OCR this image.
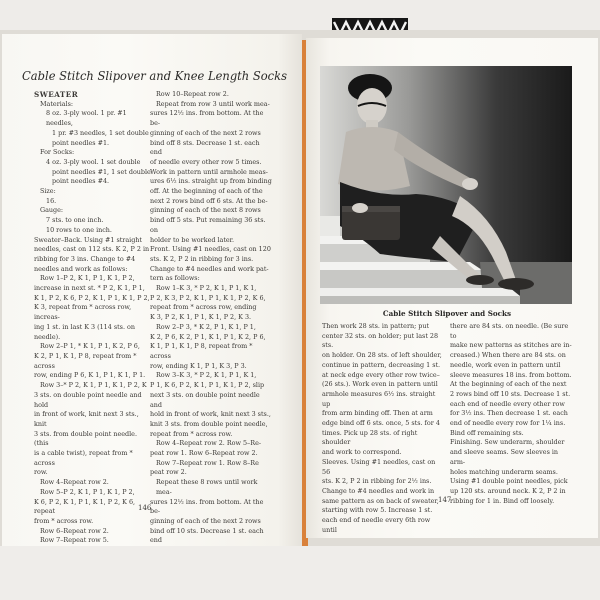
Cable Stitch Slipover and Knee Length Socks

SWEATER

Materials:

8 oz. 3-ply wool. 1 pr. #1 needles,

1 pr. #3 needles, 1 set double

point needles #1.

For Socks:

4 oz. 3-ply wool. 1 set double

point needles #1, 1 set double

point needles #4.

Size:

16.

Gauge:

7 sts. to one inch.

10 rows to one inch.

Sweater–Back. Using #1 straight

needles, cast on 112 sts. K 2, P 2 in

ribbing for 3 ins. Change to #4

needles and work as follows:

Row 1–P 2, K 1, P 1, K 1, P 2,

increase in next st. * P 2, K 1, P 1,

K 1, P 2, K 6, P 2, K 1, P 1, K 1, P 2,

K 3, repeat from * across row, increas-

ing 1 st. in last K 3 (114 sts. on needle).

Row 2–P 1, * K 1, P 1, K 2, P 6,

K 2, P 1, K 1, P 8, repeat from * across

row, ending P 6, K 1, P 1, K 1, P 1.

Row 3–* P 2, K 1, P 1, K 1, P 2, K

3 sts. on double point needle and hold

in front of work, knit next 3 sts., knit

3 sts. from double point needle. (this

is a cable twist), repeat from * across

row.

Row 4–Repeat row 2.

Row 5–P 2, K 1, P 1, K 1, P 2,

K 6, P 2, K 1, P 1, K 1, P 2, K 6, repeat

from * across row.

Row 6–Repeat row 2.

Row 7–Repeat row 5.

Row 10–Repeat row 2.

Repeat from row 3 until work mea-

sures 12½ ins. from bottom. At the be-

ginning of each of the next 2 rows

bind off 8 sts. Decrease 1 st. each end

of needle every other row 5 times.

Work in pattern until armhole meas-

ures 6½ ins. straight up from binding

off. At the beginning of each of the

next 2 rows bind off 6 sts. At the be-

ginning of each of the next 8 rows

bind off 5 sts. Put remaining 36 sts. on

holder to be worked later.

Front. Using #1 needles, cast on 120

sts. K 2, P 2 in ribbing for 3 ins.

Change to #4 needles and work pat-

tern as follows:

Row 1–K 3, * P 2, K 1, P 1, K 1,

P 2, K 3, P 2, K 1, P 1, K 1, P 2, K 6,

repeat from * across row, ending

K 3, P 2, K 1, P 1, K 1, P 2, K 3.

Row 2–P 3, * K 2, P 1, K 1, P 1,

K 2, P 6, K 2, P 1, K 1, P 1, K 2, P 6,

K 1, P 1, K 1, P 8, repeat from * across

row, ending K 1, P 1, K 3, P 3.

Row 3–K 3, * P 2, K 1, P 1, K 1,

P 1, K 6, P 2, K 1, P 1, K 1, P 2, slip

next 3 sts. on double point needle and

hold in front of work, knit next 3 sts.,

knit 3 sts. from double point needle,

repeat from * across row.

Row 4–Repeat row 2. Row 5–Re-

peat row 1. Row 6–Repeat row 2.

Row 7–Repeat row 1. Row 8–Re

peat row 2.

Repeat these 8 rows until work mea-

sures 12½ ins. from bottom. At the be-

ginning of each of the next 2 rows

bind off 10 sts. Decrease 1 st. each end

146
Cable Stitch Slipover and Socks

Then work 28 sts. in pattern; put

center 32 sts. on holder; put last 28 sts.

on holder. On 28 sts. of left shoulder,

continue in pattern, decreasing 1 st.

at neck edge every other row twice–

(26 sts.). Work even in pattern until

armhole measures 6½ ins. straight up

from arm binding off. Then at arm

edge bind off 6 sts. once, 5 sts. for 4

times. Pick up 28 sts. of right shoulder

and work to correspond.

Sleeves. Using #1 needles, cast on 56

sts. K 2, P 2 in ribbing for 2½ ins.

Change to #4 needles and work in

same pattern as on back of sweater,

starting with row 5. Increase 1 st.

each end of needle every 6th row until

there are 84 sts. on needle. (Be sure to

make new patterns as stitches are in-

creased.) When there are 84 sts. on

needle, work even in pattern until

sleeve measures 18 ins. from bottom.

At the beginning of each of the next

2 rows bind off 10 sts. Decrease 1 st.

each end of needle every other row

for 3½ ins. Then decrease 1 st. each

end of needle every row for 1¼ ins.

Bind off remaining sts.

Finishing. Sew underarm, shoulder

and sleeve seams. Sew sleeves in arm-

holes matching underarm seams.

Using #1 double point needles, pick

up 120 sts. around neck. K 2, P 2 in

ribbing for 1 in. Bind off loosely.

147
